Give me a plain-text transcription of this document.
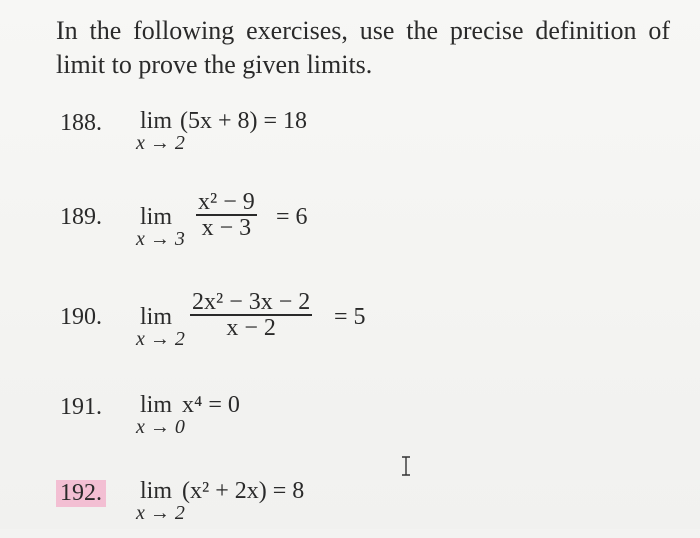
In the following exercises, use the precise definition of
limit to prove the given limits.
188. lim
x → 2
(5x + 8) = 18
189. lim
$x \to 3 \frac{\text{x² − 9}}{x - 3} = 6$
190. lim
$x \to 2 \frac{\text{2x² − 3x − 2}}{x - 2} = 5$
191. lim
x → 0
x⁴ = 0
192. lim
x → 2
(x² + 2x) = 8
